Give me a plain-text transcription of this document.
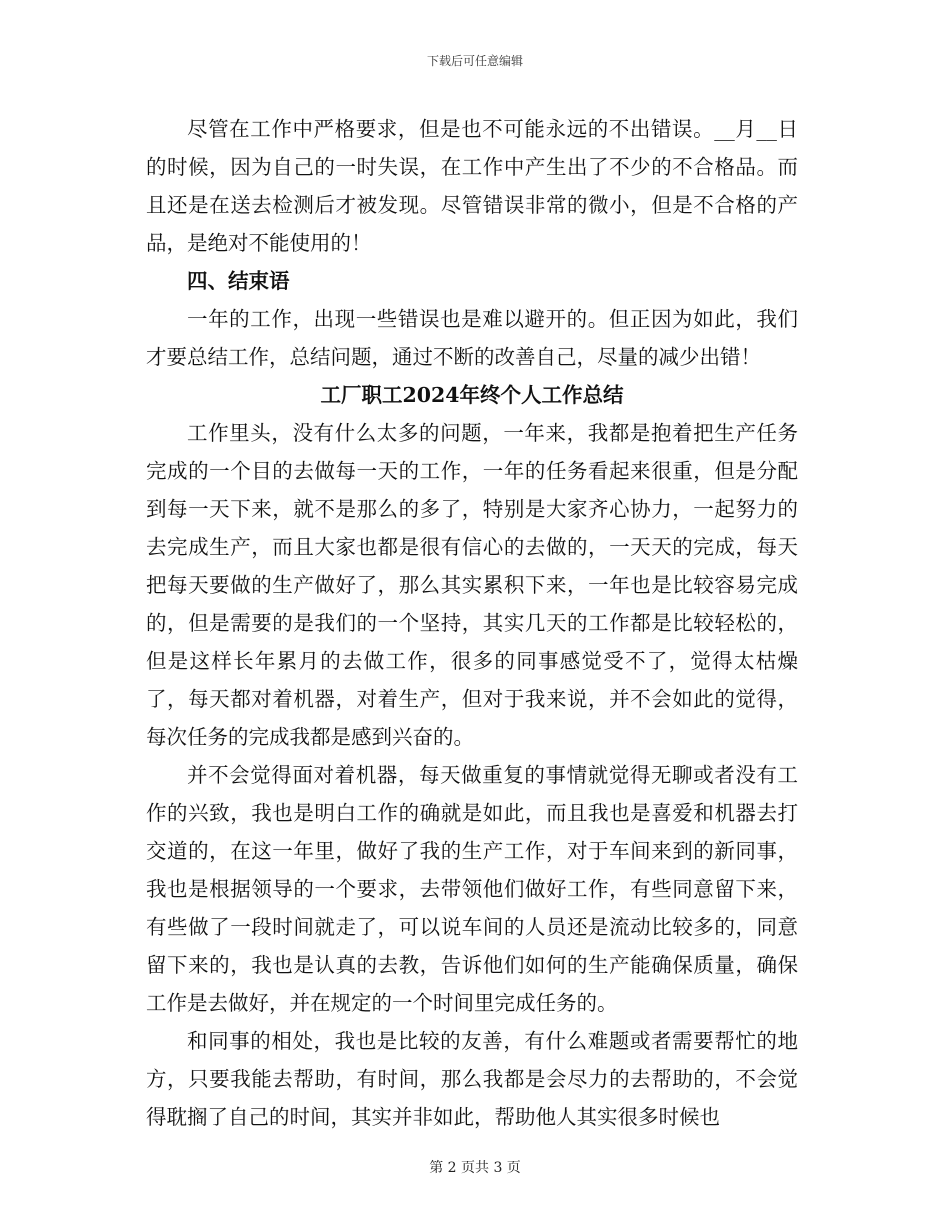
下载后可任意编辑

尽管在工作中严格要求，但是也不可能永远的不出错误。__月__日的时候，因为自己的一时失误，在工作中产生出了不少的不合格品。而且还是在送去检测后才被发现。尽管错误非常的微小，但是不合格的产品，是绝对不能使用的！

四、结束语

一年的工作，出现一些错误也是难以避开的。但正因为如此，我们才要总结工作，总结问题，通过不断的改善自己，尽量的减少出错！

工厂职工2024年终个人工作总结

工作里头，没有什么太多的问题，一年来，我都是抱着把生产任务完成的一个目的去做每一天的工作，一年的任务看起来很重，但是分配到每一天下来，就不是那么的多了，特别是大家齐心协力，一起努力的去完成生产，而且大家也都是很有信心的去做的，一天天的完成，每天把每天要做的生产做好了，那么其实累积下来，一年也是比较容易完成的，但是需要的是我们的一个坚持，其实几天的工作都是比较轻松的，但是这样长年累月的去做工作，很多的同事感觉受不了，觉得太枯燥了，每天都对着机器，对着生产，但对于我来说，并不会如此的觉得，每次任务的完成我都是感到兴奋的。

并不会觉得面对着机器，每天做重复的事情就觉得无聊或者没有工作的兴致，我也是明白工作的确就是如此，而且我也是喜爱和机器去打交道的，在这一年里，做好了我的生产工作，对于车间来到的新同事，我也是根据领导的一个要求，去带领他们做好工作，有些同意留下来，有些做了一段时间就走了，可以说车间的人员还是流动比较多的，同意留下来的，我也是认真的去教，告诉他们如何的生产能确保质量，确保工作是去做好，并在规定的一个时间里完成任务的。

和同事的相处，我也是比较的友善，有什么难题或者需要帮忙的地方，只要我能去帮助，有时间，那么我都是会尽力的去帮助的，不会觉得耽搁了自己的时间，其实并非如此，帮助他人其实很多时候也

第 2 页共 3 页
